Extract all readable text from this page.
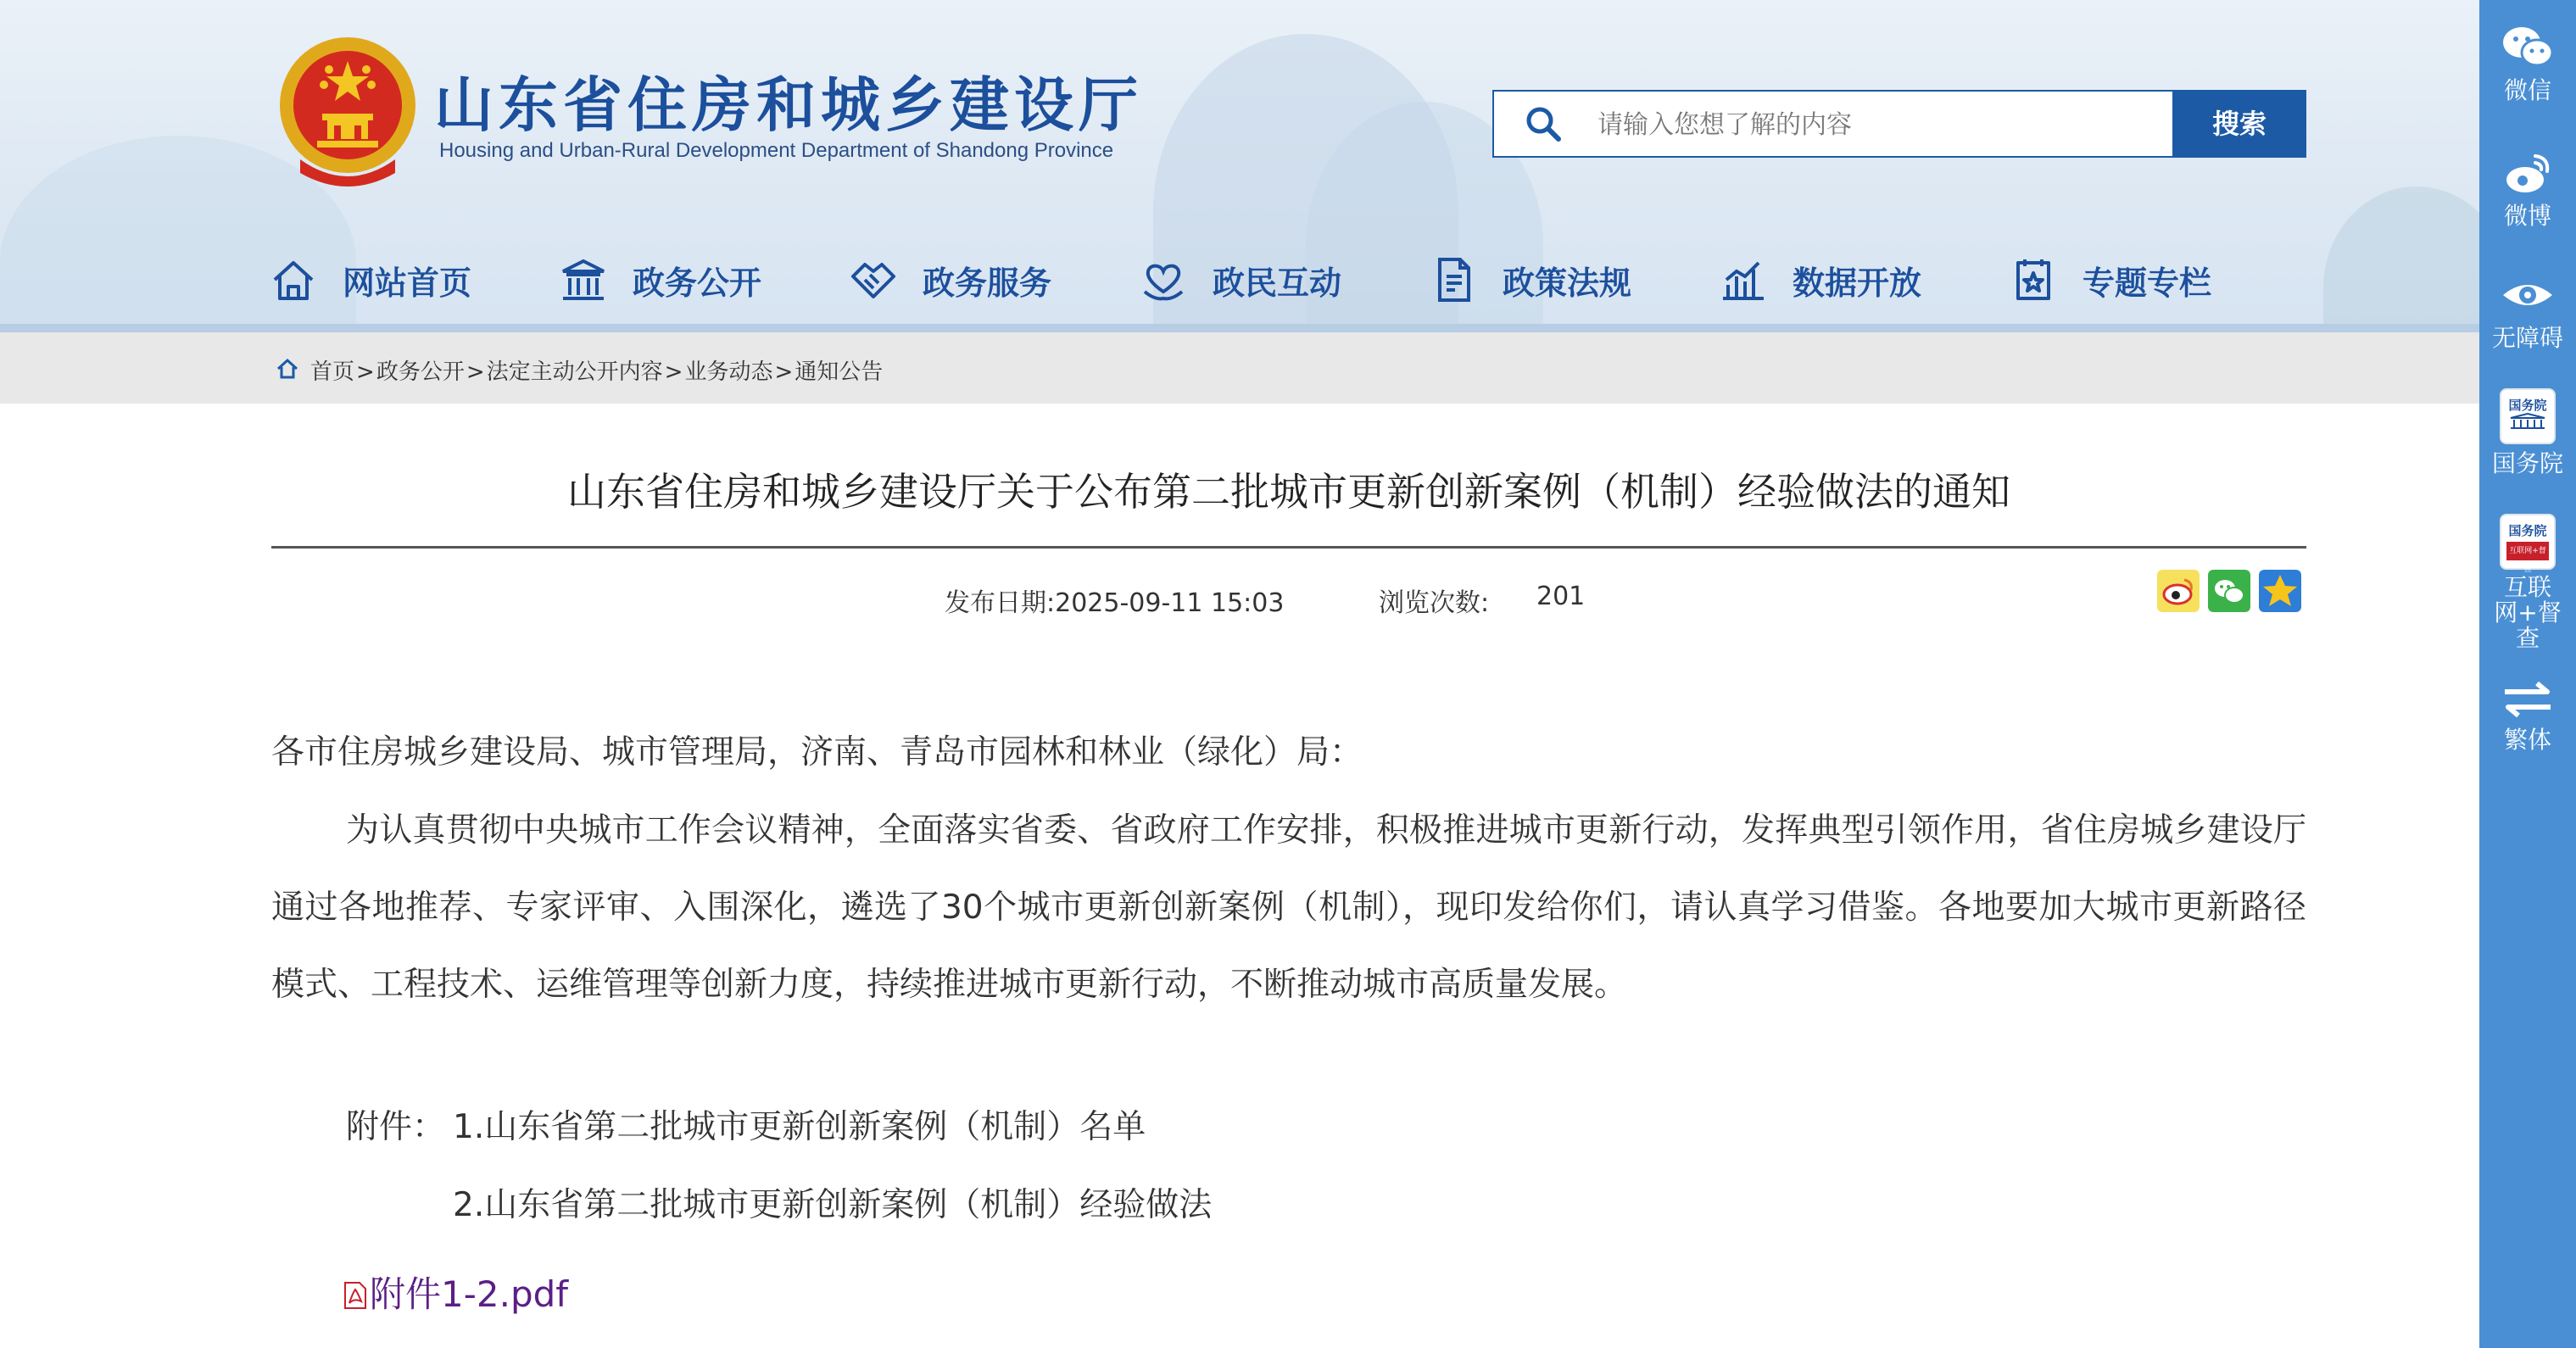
山东省住房和城乡建设厅
Housing and Urban-Rural Development Department of Shandong Province
请输入您想了解的内容
搜索
网站首页	政务公开	政务服务	政民互动	政策法规	数据开放	专题专栏
首页>政务公开>法定主动公开内容>业务动态>通知公告
山东省住房和城乡建设厅关于公布第二批城市更新创新案例（机制）经验做法的通知
发布日期:2025-09-11 15:03	浏览次数: 201
各市住房城乡建设局、城市管理局，济南、青岛市园林和林业（绿化）局：
为认真贯彻中央城市工作会议精神，全面落实省委、省政府工作安排，积极推进城市更新行动，发挥典型引领作用，省住房城乡建设厅通过各地推荐、专家评审、入围深化，遴选了30个城市更新创新案例（机制），现印发给你们，请认真学习借鉴。各地要加大城市更新路径模式、工程技术、运维管理等创新力度，持续推进城市更新行动，不断推动城市高质量发展。
附件： 1.山东省第二批城市更新创新案例（机制）名单
2.山东省第二批城市更新创新案例（机制）经验做法
附件1-2.pdf
微信
微博
无障碍
国务院
国务院
国务院
互联网+督查
互联网+督查
繁体
